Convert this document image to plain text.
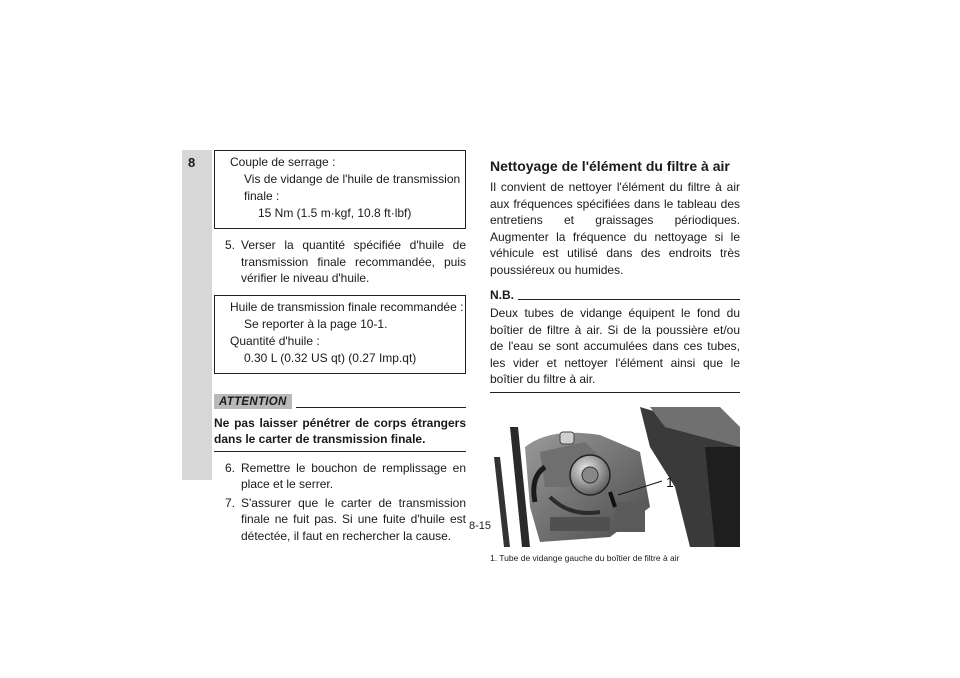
8	Couple de serrage :
Vis de vidange de l'huile de transmission finale :
15 Nm (1.5 m·kgf, 10.8 ft·lbf)
5. Verser la quantité spécifiée d'huile de transmission finale recommandée, puis vérifier le niveau d'huile.
Huile de transmission finale recommandée :
Se reporter à la page 10-1.
Quantité d'huile :
0.30 L (0.32 US qt) (0.27 Imp.qt)
ATTENTION
Ne pas laisser pénétrer de corps étrangers dans le carter de transmission finale.
6. Remettre le bouchon de remplissage en place et le serrer.
7. S'assurer que le carter de transmission finale ne fuit pas. Si une fuite d'huile est détectée, il faut en rechercher la cause.
Nettoyage de l'élément du filtre à air
Il convient de nettoyer l'élément du filtre à air aux fréquences spécifiées dans le tableau des entretiens et graissages périodiques. Augmenter la fréquence du nettoyage si le véhicule est utilisé dans des endroits très poussiéreux ou humides.
N.B.
Deux tubes de vidange équipent le fond du boîtier de filtre à air. Si de la poussière et/ou de l'eau se sont accumulées dans ces tubes, les vider et nettoyer l'élément ainsi que le boîtier du filtre à air.
1
1. Tube de vidange gauche du boîtier de filtre à air
8-15
